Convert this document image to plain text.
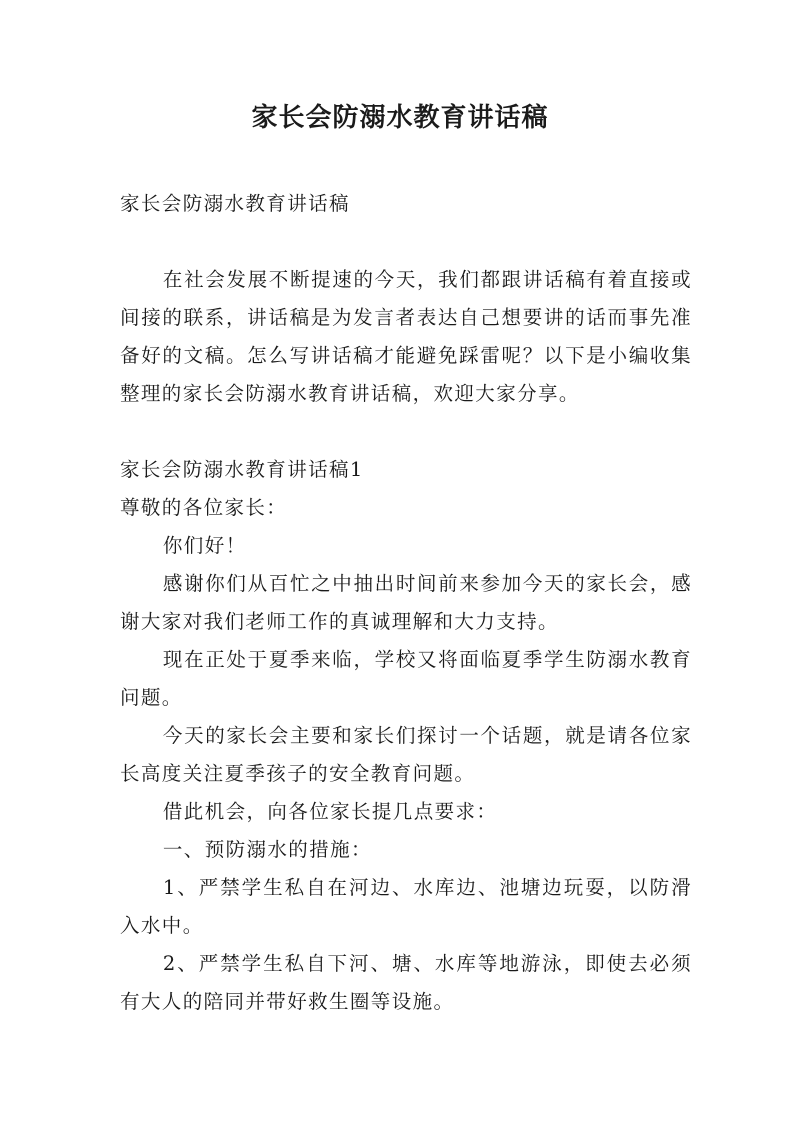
家长会防溺水教育讲话稿

家长会防溺水教育讲话稿

在社会发展不断提速的今天，我们都跟讲话稿有着直接或间接的联系，讲话稿是为发言者表达自己想要讲的话而事先准备好的文稿。怎么写讲话稿才能避免踩雷呢？以下是小编收集整理的家长会防溺水教育讲话稿，欢迎大家分享。

家长会防溺水教育讲话稿1

尊敬的各位家长：

你们好！

感谢你们从百忙之中抽出时间前来参加今天的家长会，感谢大家对我们老师工作的真诚理解和大力支持。

现在正处于夏季来临，学校又将面临夏季学生防溺水教育问题。

今天的家长会主要和家长们探讨一个话题，就是请各位家长高度关注夏季孩子的安全教育问题。

借此机会，向各位家长提几点要求：

一、预防溺水的措施：

1、严禁学生私自在河边、水库边、池塘边玩耍，以防滑入水中。

2、严禁学生私自下河、塘、水库等地游泳，即使去必须有大人的陪同并带好救生圈等设施。
